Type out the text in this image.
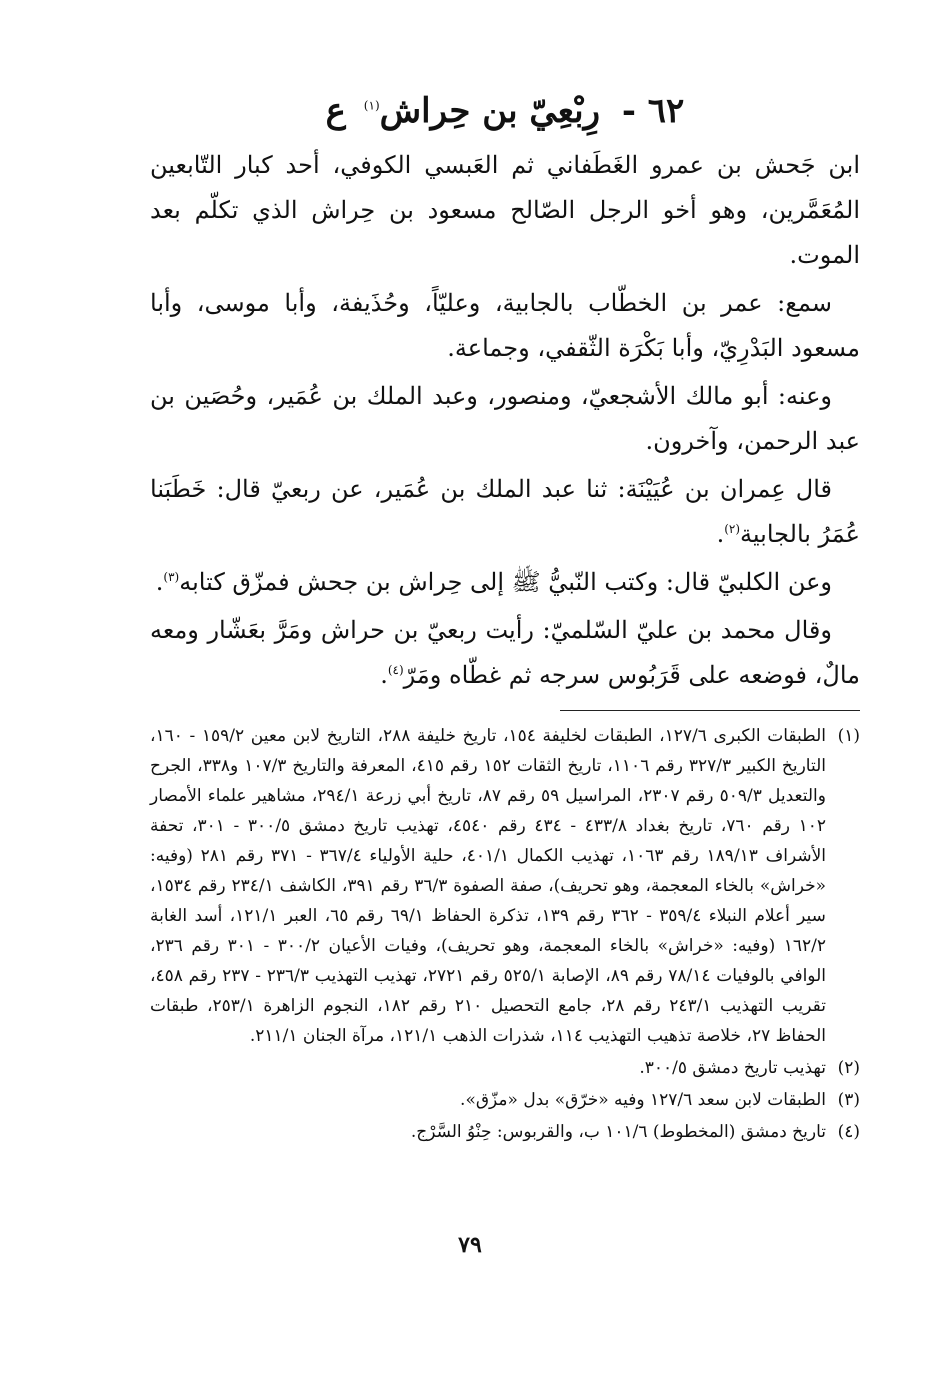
٦٢ - رِبْعِيّ بن حِراش$^{(١)}$ ع

ابن جَحش بن عمرو الغَطَفاني ثم العَبسي الكوفي، أحد كبار التّابعين المُعَمَّرين، وهو أخو الرجل الصّالح مسعود بن حِراش الذي تكلّم بعد الموت.

سمع: عمر بن الخطّاب بالجابية، وعليّاً، وحُذَيفة، وأبا موسى، وأبا مسعود البَدْرِيّ، وأبا بَكْرَة الثّقفي، وجماعة.

وعنه: أبو مالك الأشجعيّ، ومنصور، وعبد الملك بن عُمَير، وحُصَين بن عبد الرحمن، وآخرون.

قال عِمران بن عُيَيْنَة: ثنا عبد الملك بن عُمَير، عن ربعيّ قال: خَطَبَنا عُمَرُ بالجابية$^{(٢)}$.

وعن الكلبيّ قال: وكتب النّبيُّ ﷺ إلى حِراش بن جحش فمزّق كتابه$^{(٣)}$.

وقال محمد بن عليّ السّلميّ: رأيت ربعيّ بن حراش ومَرَّ بعَشّار ومعه مالٌ، فوضعه على قَرَبُوس سرجه ثم غطّاه ومَرّ$^{(٤)}$.

(١)
الطبقات الكبرى ١٢٧/٦، الطبقات لخليفة ١٥٤، تاريخ خليفة ٢٨٨، التاريخ لابن معين ١٥٩/٢ - ١٦٠، التاريخ الكبير ٣٢٧/٣ رقم ١١٠٦، تاريخ الثقات ١٥٢ رقم ٤١٥، المعرفة والتاريخ ١٠٧/٣ و٣٣٨، الجرح والتعديل ٥٠٩/٣ رقم ٢٣٠٧، المراسيل ٥٩ رقم ٨٧، تاريخ أبي زرعة ٢٩٤/١، مشاهير علماء الأمصار ١٠٢ رقم ٧٦٠، تاريخ بغداد ٤٣٣/٨ - ٤٣٤ رقم ٤٥٤٠، تهذيب تاريخ دمشق ٣٠٠/٥ - ٣٠١، تحفة الأشراف ١٨٩/١٣ رقم ١٠٦٣، تهذيب الكمال ٤٠١/١، حلية الأولياء ٣٦٧/٤ - ٣٧١ رقم ٢٨١ (وفيه: «خراش» بالخاء المعجمة، وهو تحريف)، صفة الصفوة ٣٦/٣ رقم ٣٩١، الكاشف ٢٣٤/١ رقم ١٥٣٤، سير أعلام النبلاء ٣٥٩/٤ - ٣٦٢ رقم ١٣٩، تذكرة الحفاظ ٦٩/١ رقم ٦٥، العبر ١٢١/١، أسد الغابة ١٦٢/٢ (وفيه: «خراش» بالخاء المعجمة، وهو تحريف)، وفيات الأعيان ٣٠٠/٢ - ٣٠١ رقم ٢٣٦، الوافي بالوفيات ٧٨/١٤ رقم ٨٩، الإصابة ٥٢٥/١ رقم ٢٧٢١، تهذيب التهذيب ٢٣٦/٣ - ٢٣٧ رقم ٤٥٨، تقريب التهذيب ٢٤٣/١ رقم ٢٨، جامع التحصيل ٢١٠ رقم ١٨٢، النجوم الزاهرة ٢٥٣/١، طبقات الحفاظ ٢٧، خلاصة تذهيب التهذيب ١١٤، شذرات الذهب ١٢١/١، مرآة الجنان ٢١١/١.
(٢)
تهذيب تاريخ دمشق ٣٠٠/٥.
(٣)
الطبقات لابن سعد ١٢٧/٦ وفيه «خرّق» بدل «مزّق».
(٤)
تاريخ دمشق (المخطوط) ١٠١/٦ ب، والقربوس: حِنْوُ السَّرْج.
٧٩
